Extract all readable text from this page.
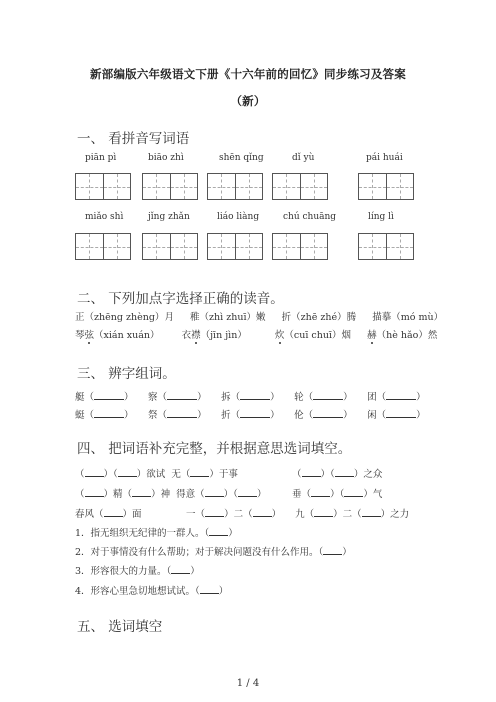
新部编版六年级语文下册《十六年前的回忆》同步练习及答案
（新）
一、 看拼音写词语
piān pì	biāo zhì	shēn qǐng	dǐ yù	pái huái
miǎo shì	jǐng zhǎn	liáo liàng	chú chuāng	líng lì
二、 下列加点字选择正确的读音。
正（zhēng zhèng）月 稚（zhì zhuī）嫩 折（zhē zhé）腾 描摹（mó mù）
琴弦（xián xuán） 衣襟（jīn jìn）	炊（cuī chuī）烟 赫（hè hǎo）然
三、 辨字组词。
艇（	） 察（	） 拆（	） 轮（	） 团（	）
蜓（	） 祭（	） 折（	） 伦（	） 闲（	）
四、 把词语补充完整，并根据意思选词填空。
（ ）（ ）欲试 无（ ）于事	（ ）（ ）之众
（ ）精（ ）神 得意（ ）（ ）	垂（ ）（ ）气
春风（ ）面	一（ ）二（ ） 九（ ）二（ ）之力
1．指无组织无纪律的一群人。（ ）
2．对于事情没有什么帮助；对于解决问题没有什么作用。（ ）
3．形容很大的力量。（ ）
4．形容心里急切地想试试。（ ）
五、 选词填空
1 / 4
